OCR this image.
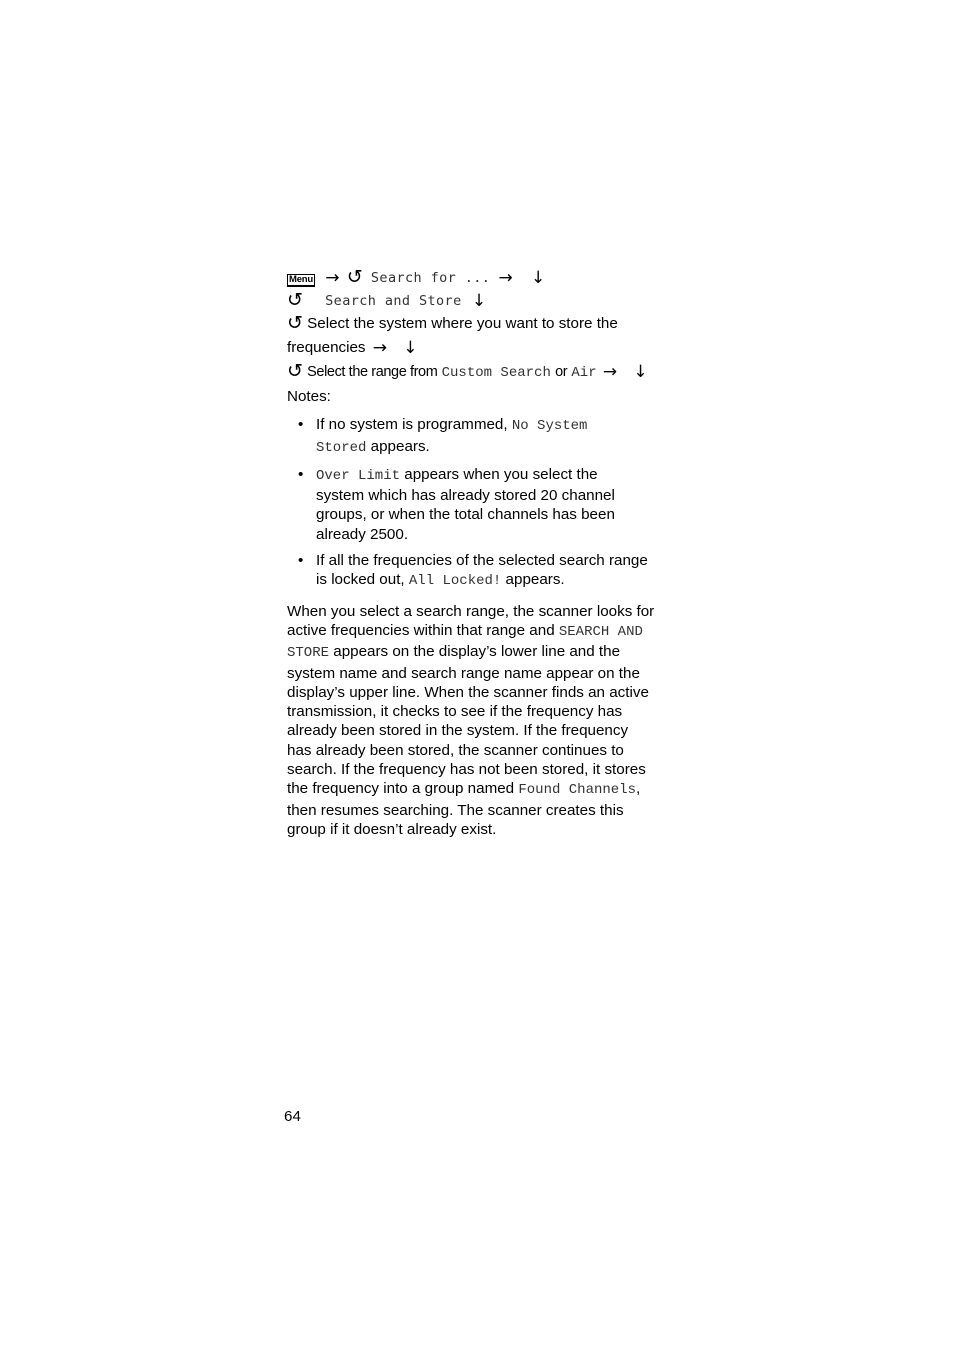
Menu → ↺ Search for ... → ↓
↺ Search and Store ↓
↺ Select the system where you want to store the
frequencies → ↓
↺ Select the range from Custom Search or Air → ↓
Notes:
• If no system is programmed, No System
Stored appears.
• Over Limit appears when you select the
system which has already stored 20 channel
groups, or when the total channels has been
already 2500.
• If all the frequencies of the selected search range
is locked out, All Locked! appears.
When you select a search range, the scanner looks for
active frequencies within that range and SEARCH AND
STORE appears on the display’s lower line and the
system name and search range name appear on the
display’s upper line. When the scanner finds an active
transmission, it checks to see if the frequency has
already been stored in the system. If the frequency
has already been stored, the scanner continues to
search. If the frequency has not been stored, it stores
the frequency into a group named Found Channels,
then resumes searching. The scanner creates this
group if it doesn’t already exist.
64
